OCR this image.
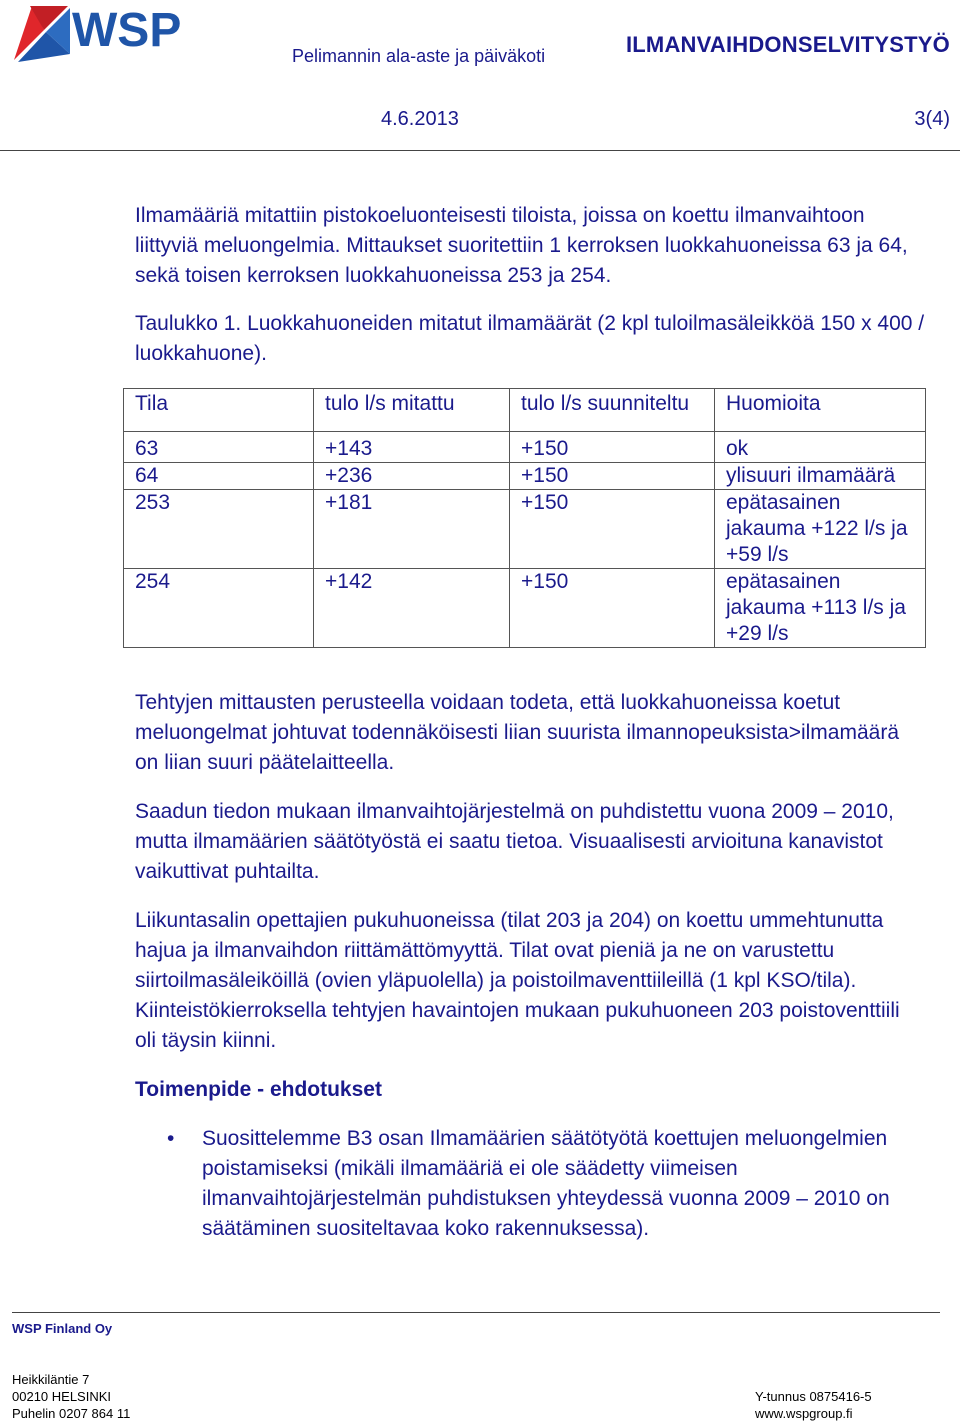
WSP	Pelimannin ala-aste ja päiväkoti	ILMANVAIHDONSELVITYSTYÖ
4.6.2013	3(4)

Ilmamääriä mitattiin pistokoeluonteisesti tiloista, joissa on koettu ilmanvaihtoon liittyviä meluongelmia. Mittaukset suoritettiin 1 kerroksen luokkahuoneissa 63 ja 64, sekä toisen kerroksen luokkahuoneissa 253 ja 254.

Taulukko 1. Luokkahuoneiden mitatut ilmamäärät (2 kpl tuloilmasäleikköä 150 x 400 / luokkahuone).

Tila	tulo l/s mitattu	tulo l/s suunniteltu	Huomioita
63	+143	+150	ok
64	+236	+150	ylisuuri ilmamäärä
253	+181	+150	epätasainen jakauma +122 l/s ja +59 l/s
254	+142	+150	epätasainen jakauma +113 l/s ja +29 l/s

Tehtyjen mittausten perusteella voidaan todeta, että luokkahuoneissa koetut meluongelmat johtuvat todennäköisesti liian suurista ilmannopeuksista>ilmamäärä on liian suuri päätelaitteella.

Saadun tiedon mukaan ilmanvaihtojärjestelmä on puhdistettu vuona 2009 – 2010, mutta ilmamäärien säätötyöstä ei saatu tietoa. Visuaalisesti arvioituna kanavistot vaikuttivat puhtailta.

Liikuntasalin opettajien pukuhuoneissa (tilat 203 ja 204) on koettu ummehtunutta hajua ja ilmanvaihdon riittämättömyyttä. Tilat ovat pieniä ja ne on varustettu siirtoilmasäleiköillä (ovien yläpuolella) ja poistoilmaventtiileillä (1 kpl KSO/tila). Kiinteistökierroksella tehtyjen havaintojen mukaan pukuhuoneen 203 poistoventtiili oli täysin kiinni.

Toimenpide - ehdotukset
• Suosittelemme B3 osan Ilmamäärien säätötyötä koettujen meluongelmien poistamiseksi (mikäli ilmamääriä ei ole säädetty viimeisen ilmanvaihtojärjestelmän puhdistuksen yhteydessä vuonna 2009 – 2010 on säätäminen suositeltavaa koko rakennuksessa).
WSP Finland Oy
Heikkiläntie 7
00210 HELSINKI
Puhelin 0207 864 11
Y-tunnus 0875416-5
www.wspgroup.fi
